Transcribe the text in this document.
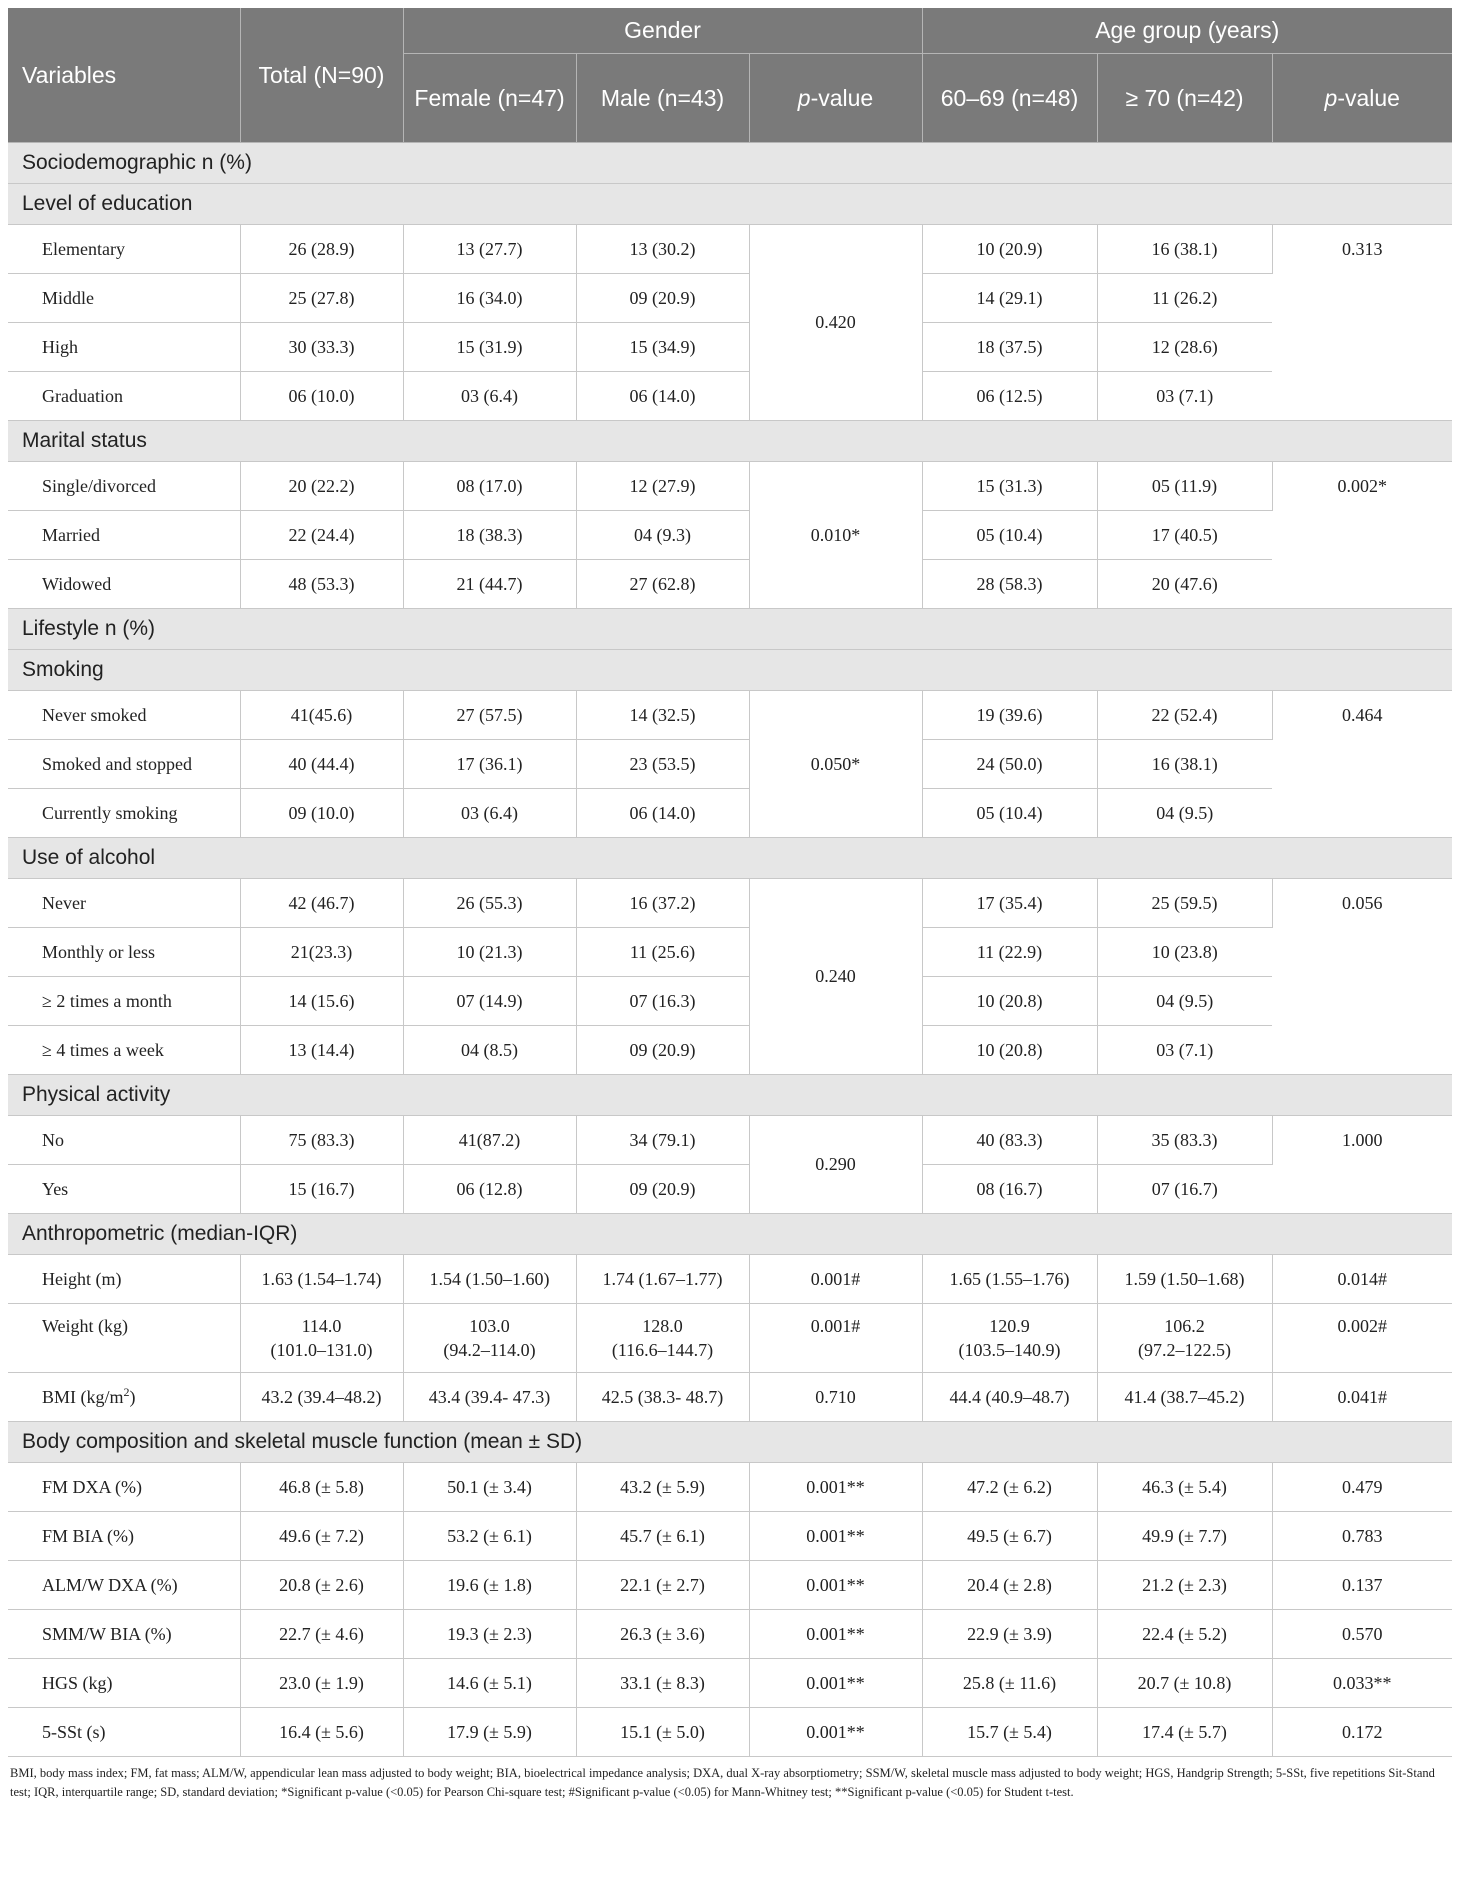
Variables	Total (N=90)	Gender			Age group (years)		
		Female (n=47)	Male (n=43)	p-value	60–69 (n=48)	≥ 70 (n=42)	p-value
Sociodemographic n (%)							
Level of education							
Elementary	26 (28.9)	13 (27.7)	13 (30.2)	0.420	10 (20.9)	16 (38.1)	0.313
Middle	25 (27.8)	16 (34.0)	09 (20.9)		14 (29.1)	11 (26.2)	
High	30 (33.3)	15 (31.9)	15 (34.9)		18 (37.5)	12 (28.6)	
Graduation	06 (10.0)	03 (6.4)	06 (14.0)		06 (12.5)	03 (7.1)	
Marital status							
Single/divorced	20 (22.2)	08 (17.0)	12 (27.9)	0.010*	15 (31.3)	05 (11.9)	0.002*
Married	22 (24.4)	18 (38.3)	04 (9.3)		05 (10.4)	17 (40.5)	
Widowed	48 (53.3)	21 (44.7)	27 (62.8)		28 (58.3)	20 (47.6)	
Lifestyle n (%)							
Smoking							
Never smoked	41(45.6)	27 (57.5)	14 (32.5)	0.050*	19 (39.6)	22 (52.4)	0.464
Smoked and stopped	40 (44.4)	17 (36.1)	23 (53.5)		24 (50.0)	16 (38.1)	
Currently smoking	09 (10.0)	03 (6.4)	06 (14.0)		05 (10.4)	04 (9.5)	
Use of alcohol							
Never	42 (46.7)	26 (55.3)	16 (37.2)	0.240	17 (35.4)	25 (59.5)	0.056
Monthly or less	21(23.3)	10 (21.3)	11 (25.6)		11 (22.9)	10 (23.8)	
≥ 2 times a month	14 (15.6)	07 (14.9)	07 (16.3)		10 (20.8)	04 (9.5)	
≥ 4 times a week	13 (14.4)	04 (8.5)	09 (20.9)		10 (20.8)	03 (7.1)	
Physical activity							
No	75 (83.3)	41(87.2)	34 (79.1)	0.290	40 (83.3)	35 (83.3)	1.000
Yes	15 (16.7)	06 (12.8)	09 (20.9)		08 (16.7)	07 (16.7)	
Anthropometric (median-IQR)							
Height (m)	1.63 (1.54–1.74)	1.54 (1.50–1.60)	1.74 (1.67–1.77)	0.001#	1.65 (1.55–1.76)	1.59 (1.50–1.68)	0.014#
Weight (kg)	114.0
(101.0–131.0)	103.0
(94.2–114.0)	128.0
(116.6–144.7)	0.001#	120.9
(103.5–140.9)	106.2
(97.2–122.5)	0.002#
BMI $(kg/m^2)$	43.2 (39.4–48.2)	43.4 (39.4- 47.3)	42.5 (38.3- 48.7)	0.710	44.4 (40.9–48.7)	41.4 (38.7–45.2)	0.041#
Body composition and skeletal muscle function (mean ± SD)							
FM DXA (%)	46.8 (± 5.8)	50.1 (± 3.4)	43.2 (± 5.9)	0.001**	47.2 (± 6.2)	46.3 (± 5.4)	0.479
FM BIA (%)	49.6 (± 7.2)	53.2 (± 6.1)	45.7 (± 6.1)	0.001**	49.5 (± 6.7)	49.9 (± 7.7)	0.783
ALM/W DXA (%)	20.8 (± 2.6)	19.6 (± 1.8)	22.1 (± 2.7)	0.001**	20.4 (± 2.8)	21.2 (± 2.3)	0.137
SMM/W BIA (%)	22.7 (± 4.6)	19.3 (± 2.3)	26.3 (± 3.6)	0.001**	22.9 (± 3.9)	22.4 (± 5.2)	0.570
HGS (kg)	23.0 (± 1.9)	14.6 (± 5.1)	33.1 (± 8.3)	0.001**	25.8 (± 11.6)	20.7 (± 10.8)	0.033**
5-SSt (s)	16.4 (± 5.6)	17.9 (± 5.9)	15.1 (± 5.0)	0.001**	15.7 (± 5.4)	17.4 (± 5.7)	0.172
BMI, body mass index; FM, fat mass; ALM/W, appendicular lean mass adjusted to body weight; BIA, bioelectrical impedance analysis; DXA, dual X-ray absorptiometry; SSM/W, skeletal muscle mass adjusted to body weight; HGS, Handgrip Strength; 5-SSt, five repetitions Sit-Stand test; IQR, interquartile range; SD, standard deviation; *Significant p-value (<0.05) for Pearson Chi-square test; #Significant p-value (<0.05) for Mann-Whitney test; **Significant p-value (<0.05) for Student t-test.
